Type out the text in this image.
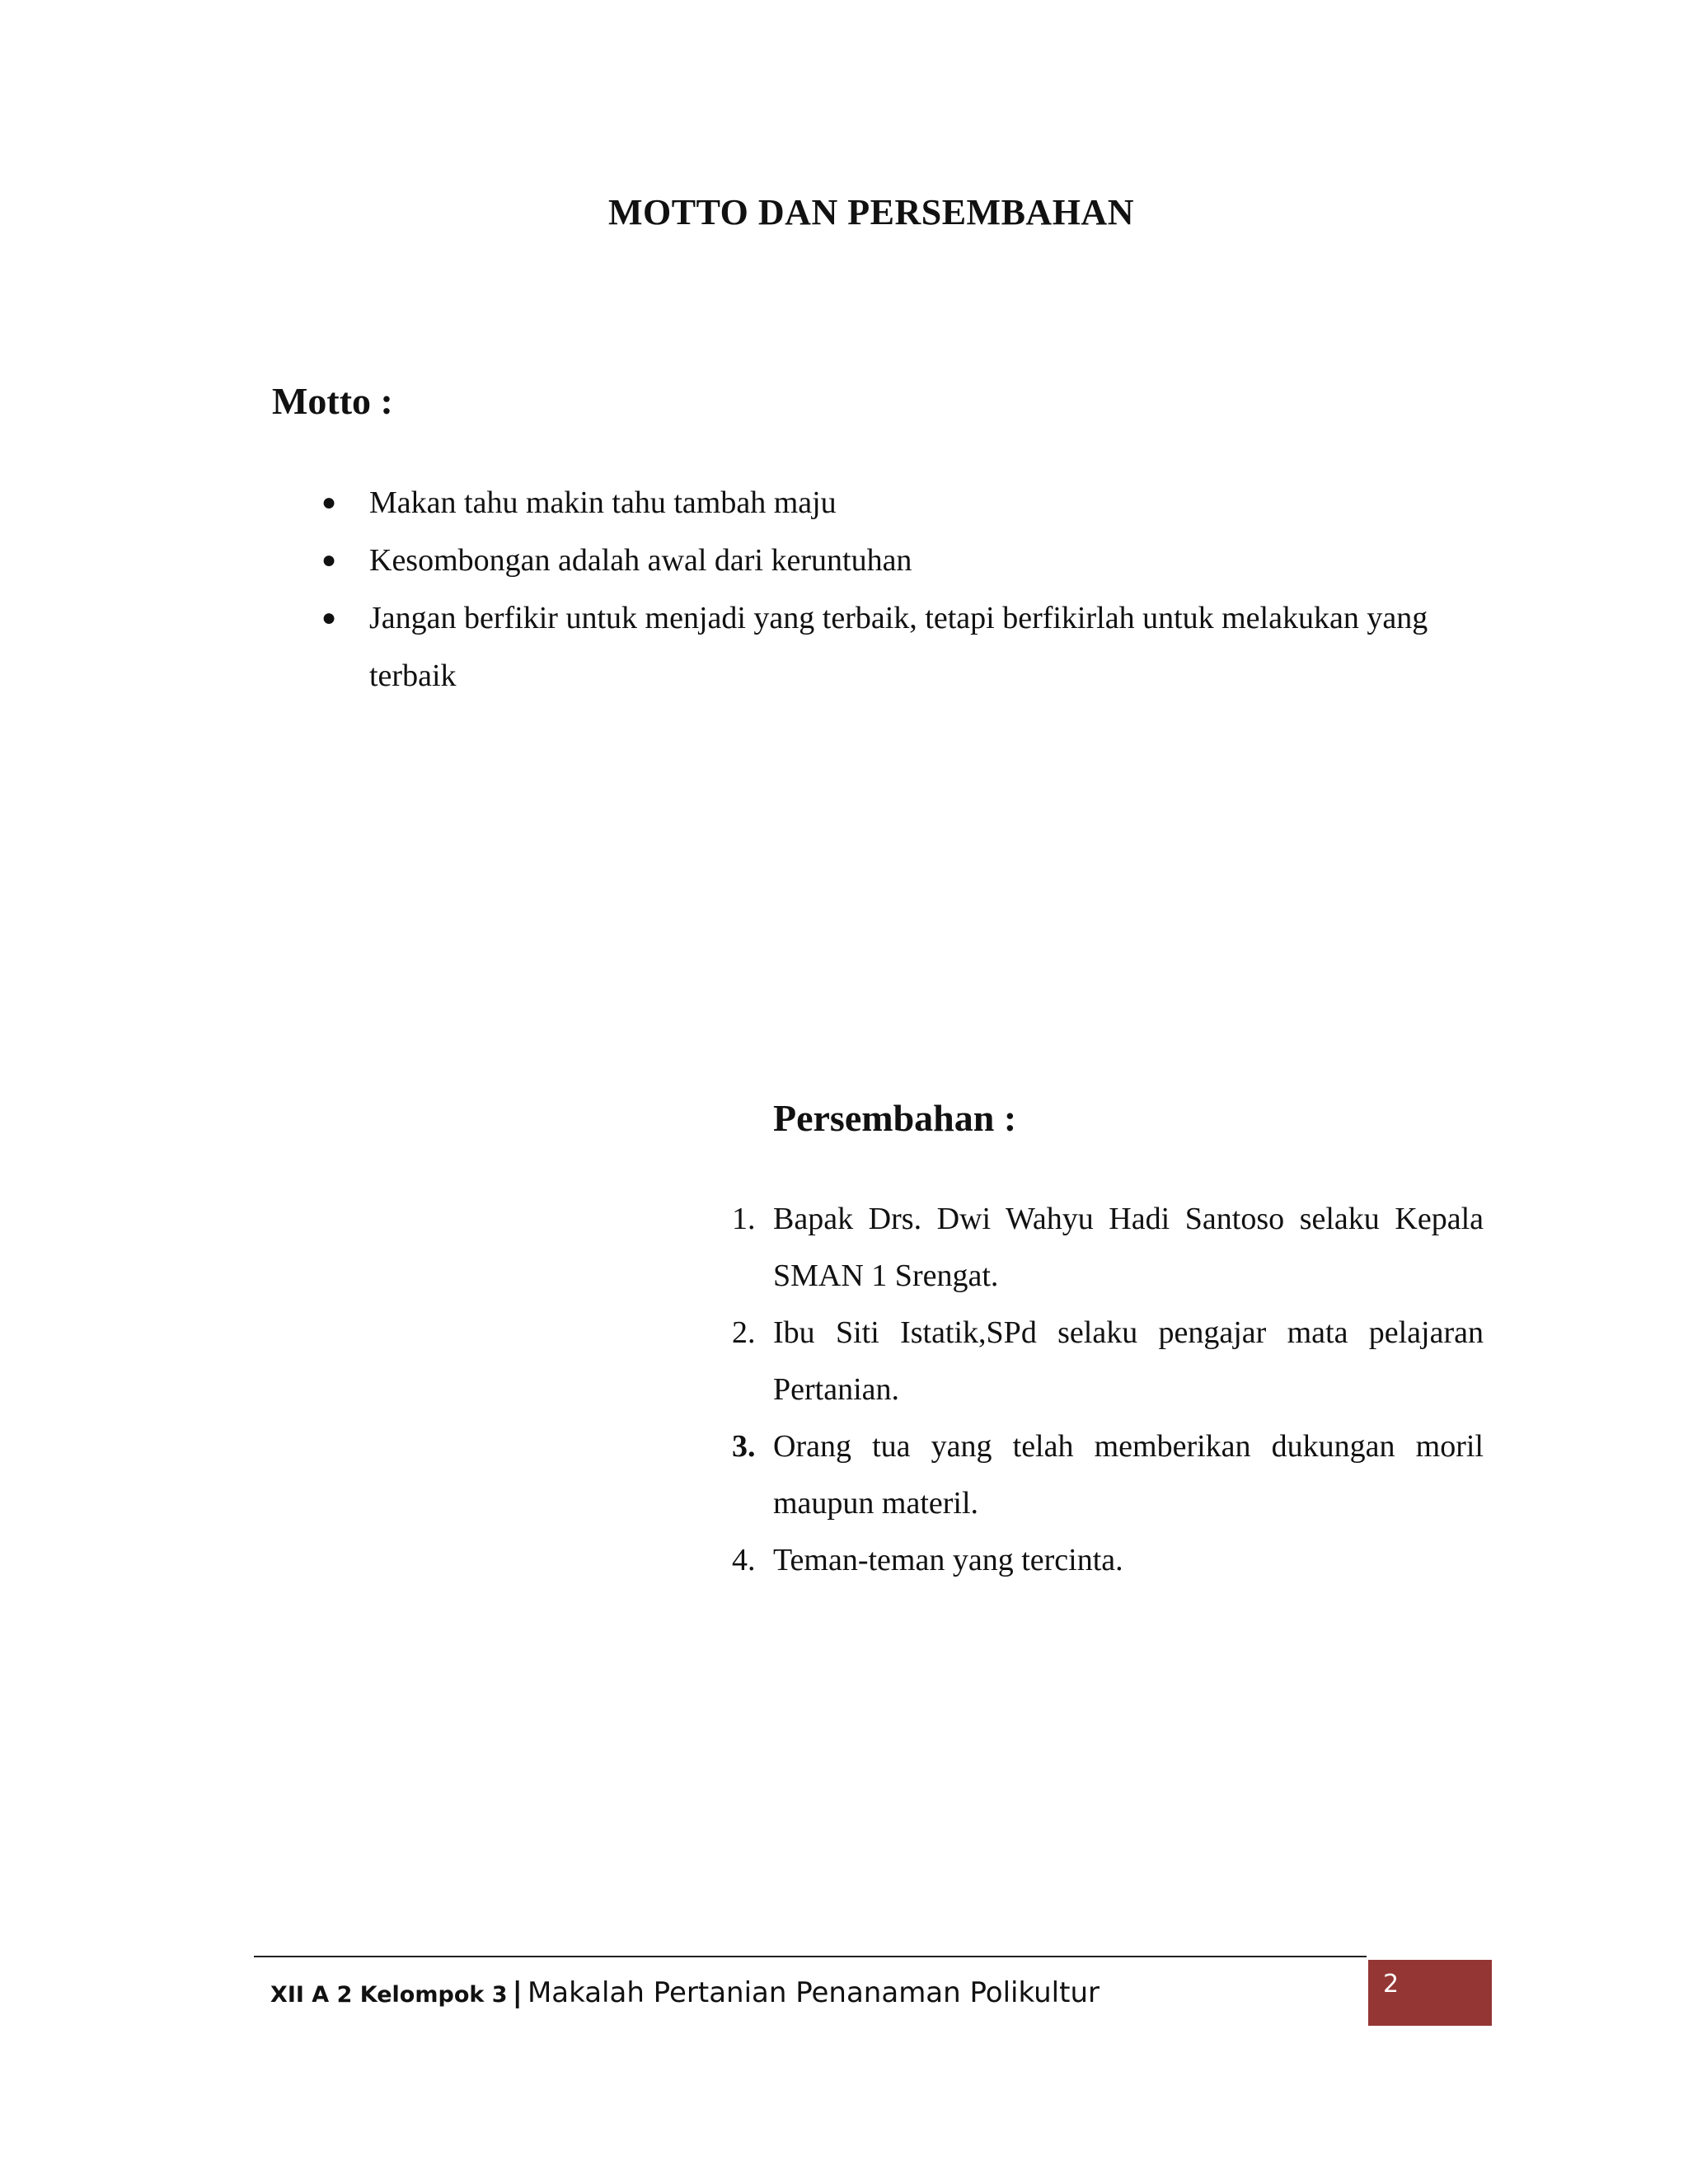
MOTTO DAN PERSEMBAHAN
Motto :
● Makan tahu makin tahu tambah maju
● Kesombongan adalah awal dari keruntuhan
● Jangan berfikir untuk menjadi yang terbaik, tetapi berfikirlah untuk melakukan yang terbaik
Persembahan :
1. Bapak Drs. Dwi Wahyu Hadi Santoso selaku Kepala SMAN 1 Srengat.
2. Ibu Siti Istatik,SPd selaku pengajar mata pelajaran Pertanian.
3. Orang tua yang telah memberikan dukungan moril maupun materil.
4. Teman-teman yang tercinta.
XII A 2 Kelompok 3 | Makalah Pertanian Penanaman Polikultur	2
